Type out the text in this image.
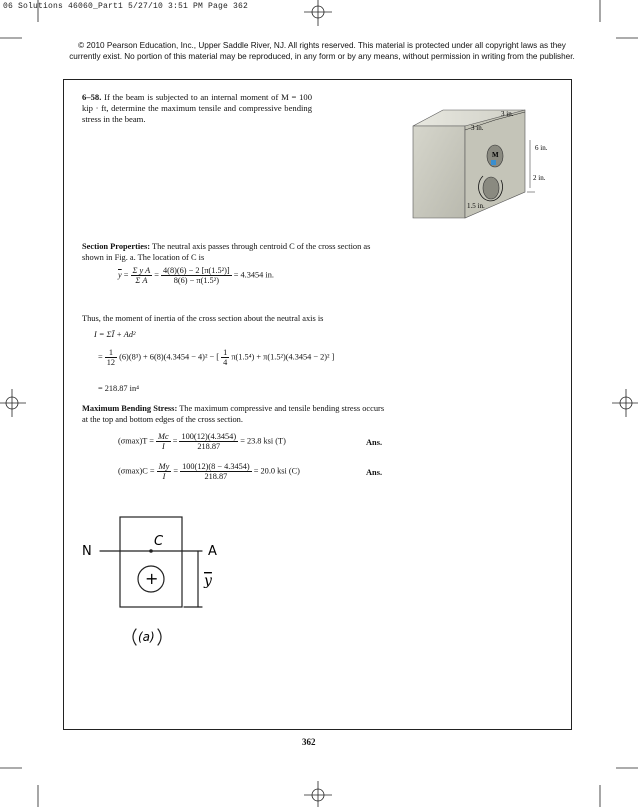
06 Solutions 46060_Part1 5/27/10 3:51 PM Page 362
© 2010 Pearson Education, Inc., Upper Saddle River, NJ. All rights reserved. This material is protected under all copyright laws as they currently exist. No portion of this material may be reproduced, in any form or by any means, without permission in writing from the publisher.
6–58. If the beam is subjected to an internal moment of M = 100 kip · ft, determine the maximum tensile and compressive bending stress in the beam.	3 in.
3 in.
6 in.
2 in.
1.5 in.
M
Section Properties: The neutral axis passes through centroid C of the cross section as shown in Fig. a. The location of C is
$\overline{y} = \frac{\text{Σ y A}}{\text{Σ A}} = \frac{\text{4(8)(6) − 2 [π(1.5²)]}}{\text{8(6) − π(1.5²)}} = 4.3454$ in.
Thus, the moment of inertia of the cross section about the neutral axis is
I = ΣĪ + Ad²
= $\frac{1}{12} (6)(8^3) + 6(8)(4.3454 - 4)^2$ − [ $\frac{1}{4} \pi(1.5^4) + \pi(1.5^2)(4.3454 - 2)^2$ ]
= 218.87 in⁴
Maximum Bending Stress: The maximum compressive and tensile bending stress occurs at the top and bottom edges of the cross section.
$(\sigma\max)T = \frac{Mc}{I} = \frac{100(12)(4.3454)}{218.87} = 23.8$ ksi (T)	Ans.
$(\sigma\max)C = \frac{My}{I} = \frac{100(12)(8 - 4.3454)}{218.87} = 20.0$ ksi (C)	Ans.
N
C
A
y
+
(a)
362
